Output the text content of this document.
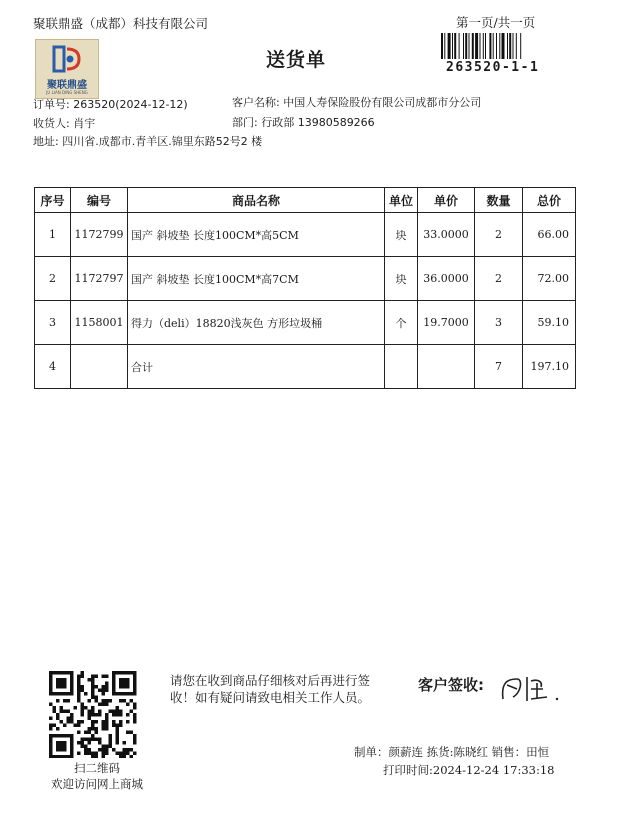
聚联鼎盛（成都）科技有限公司	第一页/共一页
聚联鼎盛
JU LIAN DING SHENG
送货单	263520-1-1
订单号: 263520(2024-12-12)	客户名称: 中国人寿保险股份有限公司成都市分公司
收货人: 肖宇	部门: 行政部 13980589266
地址: 四川省.成都市.青羊区.锦里东路52号2 楼
序号	编号	商品名称	单位	单价	数量	总价
1	1172799	国产 斜坡垫 长度100CM*高5CM	块	33.0000	2	66.00
2	1172797	国产 斜坡垫 长度100CM*高7CM	块	36.0000	2	72.00
3	1158001	得力（deli）18820浅灰色 方形垃圾桶	个	19.7000	3	59.10
4		合计			7	197.10
扫二维码
欢迎访问网上商城
请您在收到商品仔细核对后再进行签
收！如有疑问请致电相关工作人员。
客户签收:
制单：颜薪连 拣货:陈晓红 销售：田恒
打印时间:2024-12-24 17:33:18
